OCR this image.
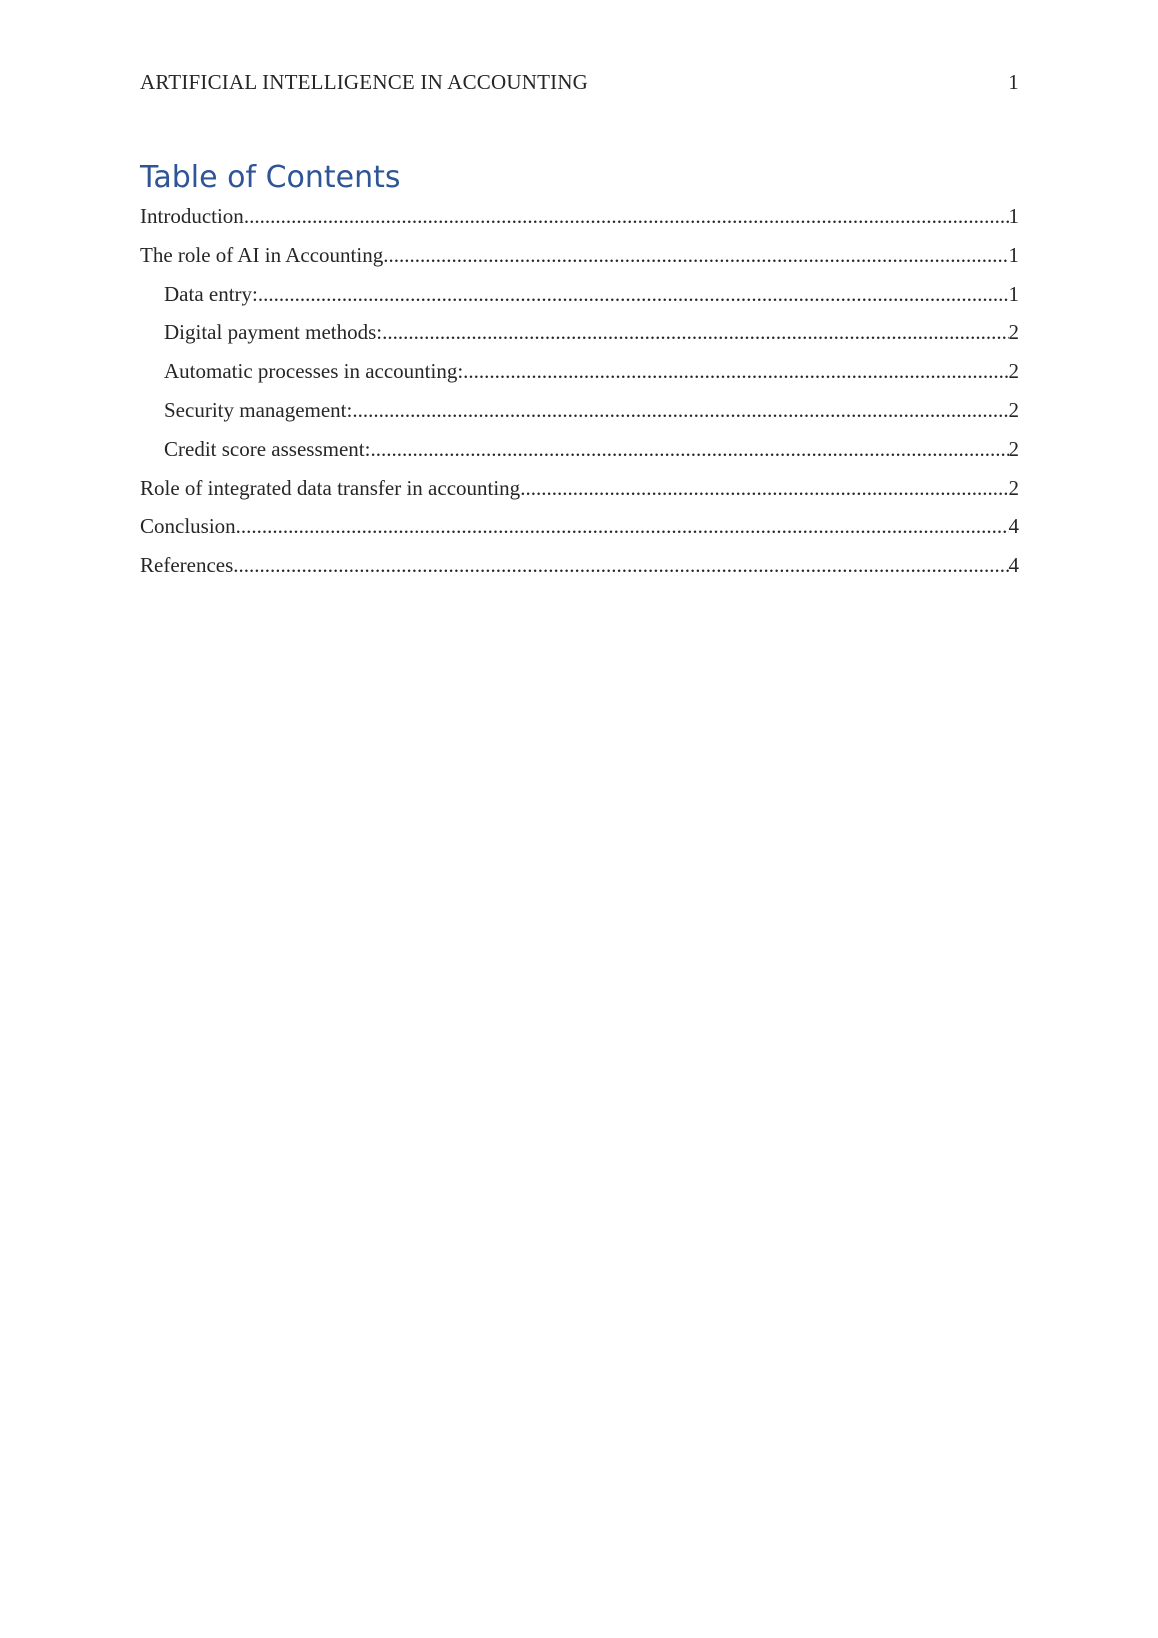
ARTIFICIAL INTELLIGENCE IN ACCOUNTING	1
Table of Contents
Introduction .....	1
The role of AI in Accounting .....	1
Data entry: .....	1
Digital payment methods: .....	2
Automatic processes in accounting: .....	2
Security management: .....	2
Credit score assessment: .....	2
Role of integrated data transfer in accounting .....	2
Conclusion .....	4
References .....	4
